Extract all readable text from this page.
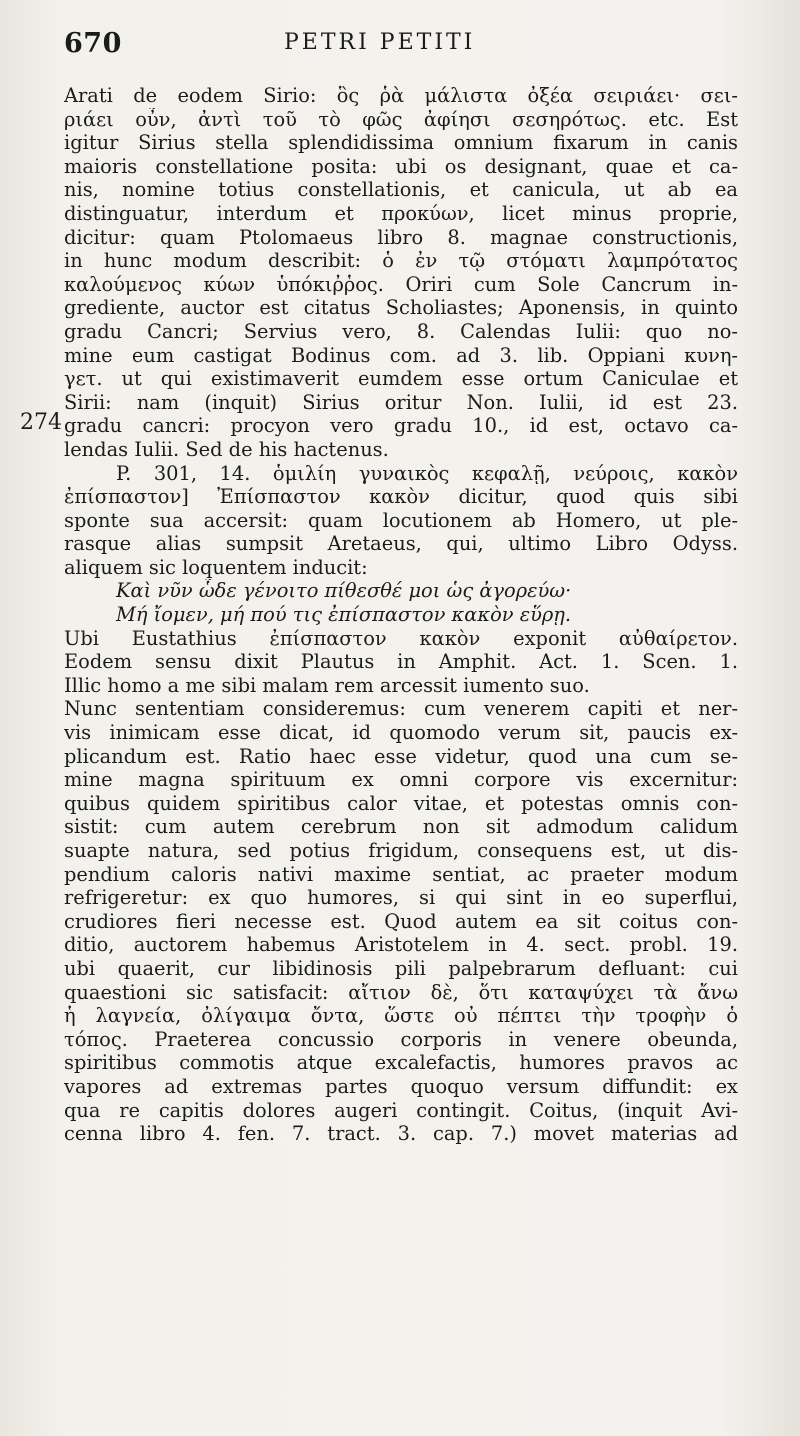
670	PETRI PETITI
274
Arati de eodem Sirio: ὃς ῥὰ μάλιστα ὀξέα σειριάει· σει-
ριάει οὖν, ἀντὶ τοῦ τὸ φῶς ἀφίησι σεσηρότως. etc. Est
igitur Sirius stella splendidissima omnium fixarum in canis
maioris constellatione posita: ubi os designant, quae et ca-
nis, nomine totius constellationis, et canicula, ut ab ea
distinguatur, interdum et προκύων, licet minus proprie,
dicitur: quam Ptolomaeus libro 8. magnae constructionis,
in hunc modum describit: ὁ ἐν τῷ στόματι λαμπρότατος
καλούμενος κύων ὑπόκιῤῥος. Oriri cum Sole Cancrum in-
grediente, auctor est citatus Scholiastes; Aponensis, in quinto
gradu Cancri; Servius vero, 8. Calendas Iulii: quo no-
mine eum castigat Bodinus com. ad 3. lib. Oppiani κυνη-
γετ. ut qui existimaverit eumdem esse ortum Caniculae et
Sirii: nam (inquit) Sirius oritur Non. Iulii, id est 23.
gradu cancri: procyon vero gradu 10., id est, octavo ca-
lendas Iulii. Sed de his hactenus.
P. 301, 14. ὁμιλίη γυναικὸς κεφαλῇ, νεύροις, κακὸν
ἐπίσπαστον] Ἐπίσπαστον κακὸν dicitur, quod quis sibi
sponte sua accersit: quam locutionem ab Homero, ut ple-
rasque alias sumpsit Aretaeus, qui, ultimo Libro Odyss.
aliquem sic loquentem inducit:
Καὶ νῦν ὧδε γένοιτο πίθεσθέ μοι ὡς ἀγορεύω·
Μή ἴομεν, μή πού τις ἐπίσπαστον κακὸν εὕρῃ.
Ubi Eustathius ἐπίσπαστον κακὸν exponit αὐθαίρετον.
Eodem sensu dixit Plautus in Amphit. Act. 1. Scen. 1.
Illic homo a me sibi malam rem arcessit iumento suo.
Nunc sententiam consideremus: cum venerem capiti et ner-
vis inimicam esse dicat, id quomodo verum sit, paucis ex-
plicandum est. Ratio haec esse videtur, quod una cum se-
mine magna spirituum ex omni corpore vis excernitur:
quibus quidem spiritibus calor vitae, et potestas omnis con-
sistit: cum autem cerebrum non sit admodum calidum
suapte natura, sed potius frigidum, consequens est, ut dis-
pendium caloris nativi maxime sentiat, ac praeter modum
refrigeretur: ex quo humores, si qui sint in eo superflui,
crudiores fieri necesse est. Quod autem ea sit coitus con-
ditio, auctorem habemus Aristotelem in 4. sect. probl. 19.
ubi quaerit, cur libidinosis pili palpebrarum defluant: cui
quaestioni sic satisfacit: αἴτιον δὲ, ὅτι καταψύχει τὰ ἄνω
ἡ λαγνεία, ὀλίγαιμα ὄντα, ὥστε οὐ πέπτει τὴν τροφὴν ὁ
τόπος. Praeterea concussio corporis in venere obeunda,
spiritibus commotis atque excalefactis, humores pravos ac
vapores ad extremas partes quoquo versum diffundit: ex
qua re capitis dolores augeri contingit. Coitus, (inquit Avi-
cenna libro 4. fen. 7. tract. 3. cap. 7.) movet materias ad
